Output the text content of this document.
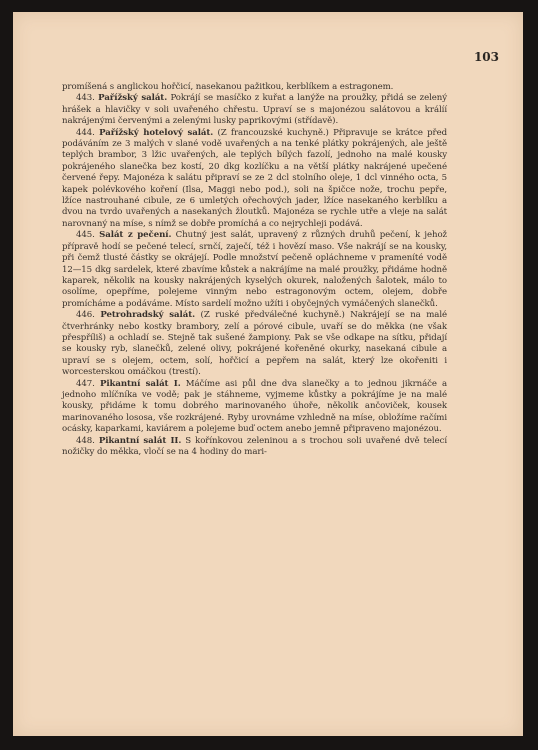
103

promíšená s anglickou hořčicí, nasekanou pažitkou, kerblíkem a estragonem.

443. Pařížský salát. Pokrájí se masíčko z kuřat a lanýže na proužky, přidá se zelený hrášek a hlavičky v soli uvařeného chřestu. Upraví se s majonézou salátovou a králíí nakrájenými červenými a zelenými lusky paprikovými (střídavě).

444. Pařížský hotelový salát. (Z francouzské kuchyně.) Připravuje se krátce před podáváním ze 3 malých v slané vodě uvařených a na tenké plátky pokrájených, ale ještě teplých brambor, 3 lžic uvařených, ale teplých bílých fazolí, jednoho na malé kousky pokrájeného slanečka bez kostí, 20 dkg kozlíčku a na větší plátky nakrájené upečené červené řepy. Majonéza k salátu připraví se ze 2 dcl stolního oleje, 1 dcl vinného octa, 5 kapek polévkového koření (Ilsa, Maggi nebo pod.), soli na špičce nože, trochu pepře, lžíce nastrouhané cibule, ze 6 umletých ořechových jader, lžíce nasekaného kerblíku a dvou na tvrdo uvařených a nasekaných žloutků. Majonéza se rychle utře a vleje na salát narovnaný na míse, s nímž se dobře promíchá a co nejrychleji podává.

445. Salát z pečení. Chutný jest salát, upravený z různých druhů pečení, k jehož přípravě hodí se pečené telecí, srnčí, zaječí, též i hovězí maso. Vše nakrájí se na kousky, při čemž tlusté částky se okrájejí. Podle množství pečeně opláchneme v prameníté vodě 12—15 dkg sardelek, které zbavíme kůstek a nakrájíme na malé proužky, přidáme hodně kaparek, několik na kousky nakrájených kyselých okurek, naložených šalotek, málo to osolíme, opepříme, polejeme vinným nebo estragonovým octem, olejem, dobře promícháme a podáváme. Místo sardelí možno užíti i obyčejných vymáčených slanečků.

446. Petrohradský salát. (Z ruské předválečné kuchyně.) Nakrájejí se na malé čtverhránky nebo kostky brambory, zelí a pórové cibule, uvaří se do měkka (ne však přespříliš) a ochladí se. Stejně tak sušené žampiony. Pak se vše odkape na sítku, přidají se kousky ryb, slanečků, zelené olivy, pokrájené kořeněné okurky, nasekaná cibule a upraví se s olejem, octem, solí, hořčicí a pepřem na salát, který lze okořeniti i worcesterskou omáčkou (trestí).

447. Pikantní salát I. Máčíme asi půl dne dva slanečky a to jednou jikrnáče a jednoho mlíčníka ve vodě; pak je stáhneme, vyjmeme kůstky a pokrájíme je na malé kousky, přidáme k tomu dobrého marinovaného úhoře, několik ančoviček, kousek marinovaného lososa, vše rozkrájené. Ryby urovnáme vzhledně na míse, obložíme račími ocásky, kaparkami, kaviárem a polejeme buď octem anebo jemně připraveno majonézou.

448. Pikantní salát II. S kořínkovou zeleninou a s trochou soli uvařené dvě telecí nožičky do měkka, vločí se na 4 hodiny do mari-
